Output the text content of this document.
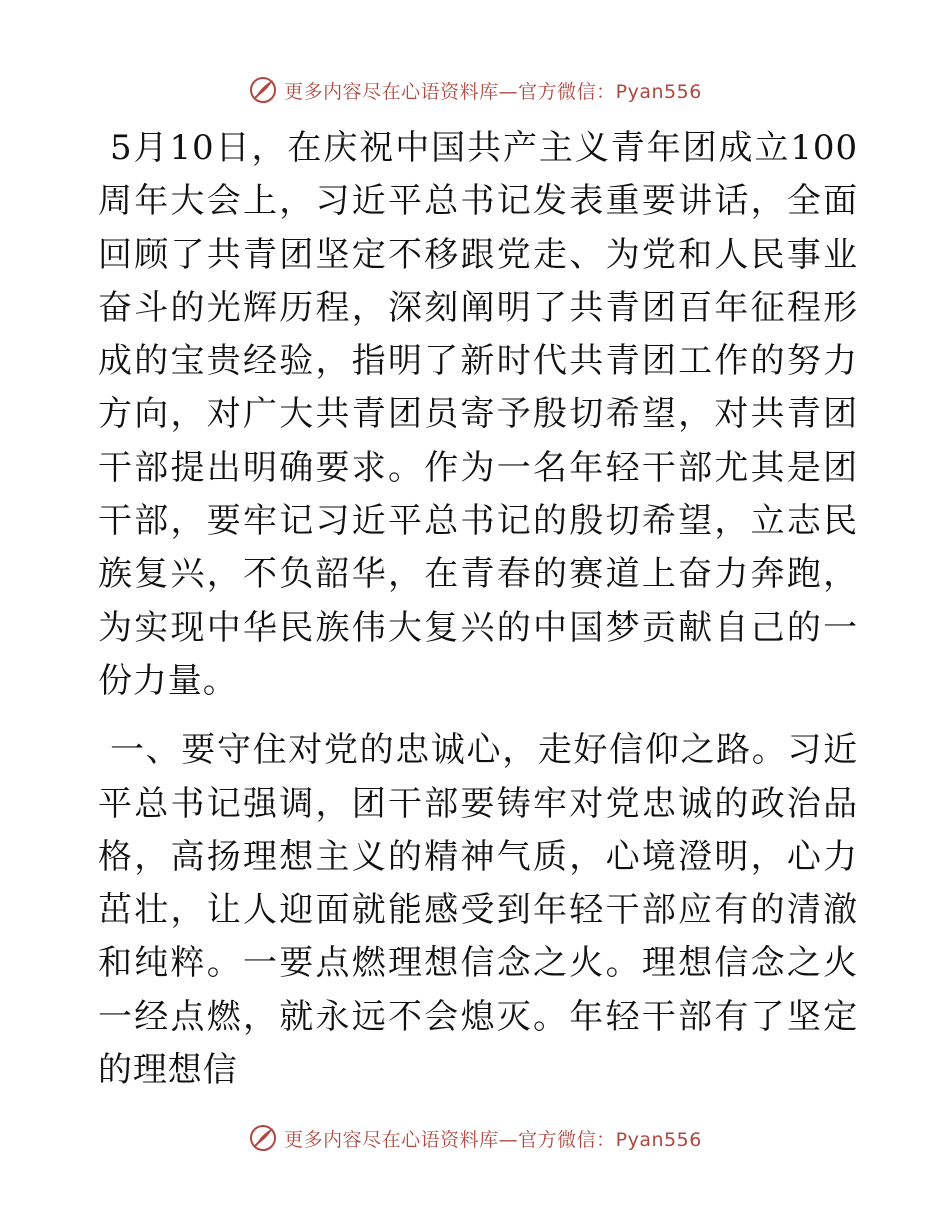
更多内容尽在心语资料库—官方微信：Pyan556

5月10日，在庆祝中国共产主义青年团成立100周年大会上，习近平总书记发表重要讲话，全面回顾了共青团坚定不移跟党走、为党和人民事业奋斗的光辉历程，深刻阐明了共青团百年征程形成的宝贵经验，指明了新时代共青团工作的努力方向，对广大共青团员寄予殷切希望，对共青团干部提出明确要求。作为一名年轻干部尤其是团干部，要牢记习近平总书记的殷切希望，立志民族复兴，不负韶华，在青春的赛道上奋力奔跑，为实现中华民族伟大复兴的中国梦贡献自己的一份力量。

一、要守住对党的忠诚心，走好信仰之路。习近平总书记强调，团干部要铸牢对党忠诚的政治品格，高扬理想主义的精神气质，心境澄明，心力茁壮，让人迎面就能感受到年轻干部应有的清澈和纯粹。一要点燃理想信念之火。理想信念之火一经点燃，就永远不会熄灭。年轻干部有了坚定的理想信

更多内容尽在心语资料库—官方微信：Pyan556
